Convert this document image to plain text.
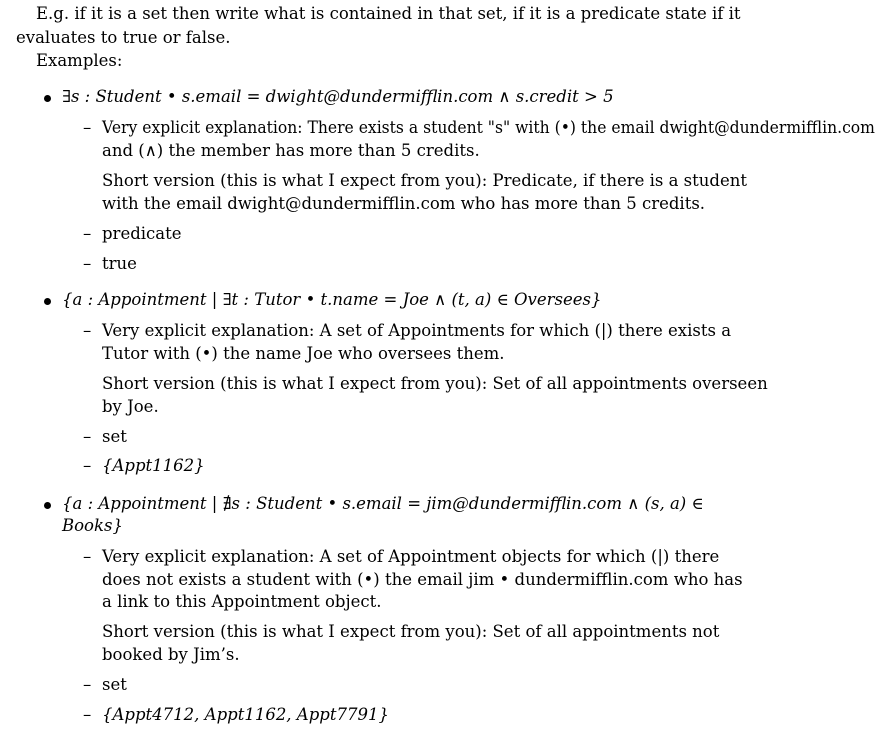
E.g. if it is a set then write what is contained in that set, if it is a predicate state if it
evaluates to true or false.
Examples:
∃s : Student • s.email = dwight@dundermifflin.com ∧ s.credit > 5
– Very explicit explanation: There exists a student "s" with (•) the email dwight@dundermifflin.com
and (∧) the member has more than 5 credits.
Short version (this is what I expect from you): Predicate, if there is a student
with the email dwight@dundermifflin.com who has more than 5 credits.
– predicate
– true
{a : Appointment | ∃t : Tutor • t.name = Joe ∧ (t, a) ∈ Oversees}
– Very explicit explanation: A set of Appointments for which (|) there exists a
Tutor with (•) the name Joe who oversees them.
Short version (this is what I expect from you): Set of all appointments overseen
by Joe.
– set
– {Appt1162}
{a : Appointment | ∄s : Student • s.email = jim@dundermifflin.com ∧ (s, a) ∈
Books}
– Very explicit explanation: A set of Appointment objects for which (|) there
does not exists a student with (•) the email jim • dundermifflin.com who has
a link to this Appointment object.
Short version (this is what I expect from you): Set of all appointments not
booked by Jim’s.
– set
– {Appt4712, Appt1162, Appt7791}
